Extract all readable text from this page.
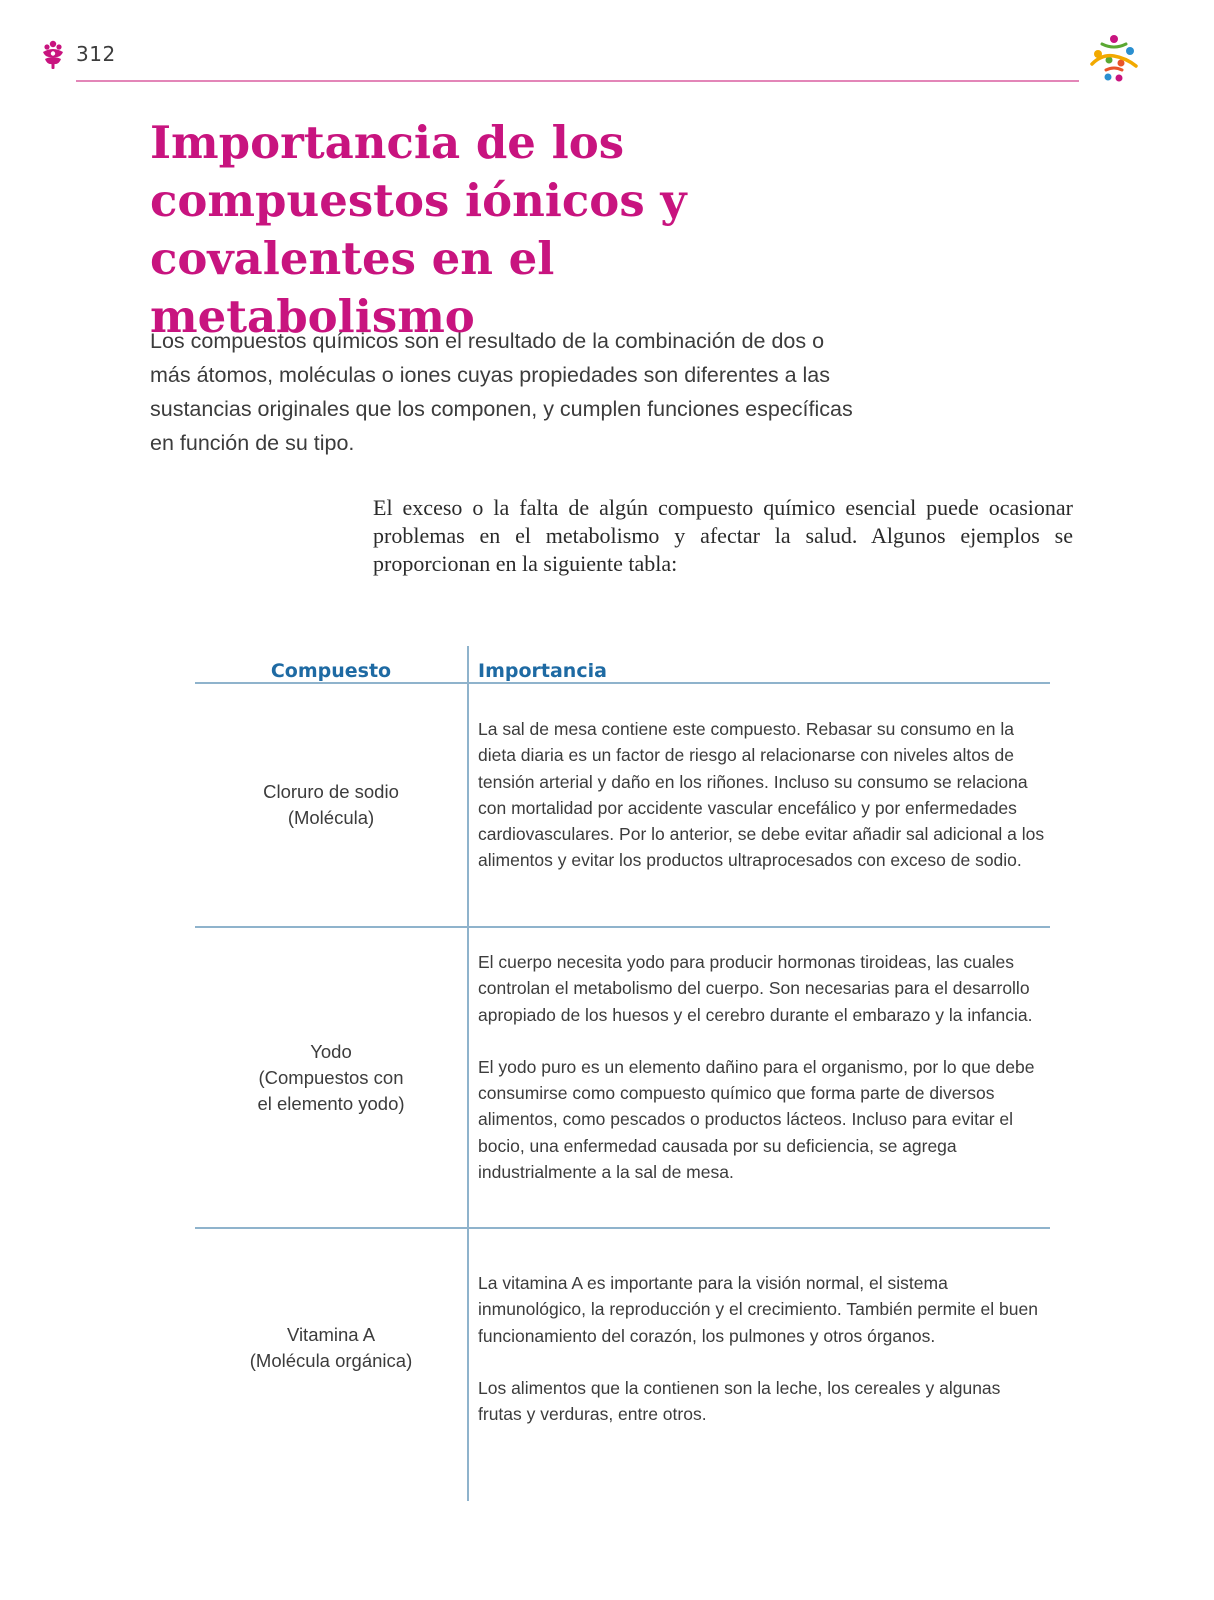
312
Importancia de los compuestos iónicos y covalentes en el metabolismo

Los compuestos químicos son el resultado de la combinación de dos o más átomos, moléculas o iones cuyas propiedades son diferentes a las sustancias originales que los componen, y cumplen funciones específicas en función de su tipo.

El exceso o la falta de algún compuesto químico esencial puede ocasionar problemas en el metabolismo y afectar la salud. Algunos ejemplos se proporcionan en la siguiente tabla:

Compuesto	Importancia
Cloruro de sodio
(Molécula)

La sal de mesa contiene este compuesto. Rebasar su consumo en la dieta diaria es un factor de riesgo al relacionarse con niveles altos de tensión arterial y daño en los riñones. Incluso su consumo se relaciona con mortalidad por accidente vascular encefálico y por enfermedades cardiovasculares. Por lo anterior, se debe evitar añadir sal adicional a los alimentos y evitar los productos ultraprocesados con exceso de sodio.

Yodo
(Compuestos con
el elemento yodo)

El cuerpo necesita yodo para producir hormonas tiroideas, las cuales controlan el metabolismo del cuerpo. Son necesarias para el desarrollo apropiado de los huesos y el cerebro durante el embarazo y la infancia.

El yodo puro es un elemento dañino para el organismo, por lo que debe consumirse como compuesto químico que forma parte de diversos alimentos, como pescados o productos lácteos. Incluso para evitar el bocio, una enfermedad causada por su deficiencia, se agrega industrialmente a la sal de mesa.

Vitamina A
(Molécula orgánica)

La vitamina A es importante para la visión normal, el sistema inmunológico, la reproducción y el crecimiento. También permite el buen funcionamiento del corazón, los pulmones y otros órganos.

Los alimentos que la contienen son la leche, los cereales y algunas frutas y verduras, entre otros.
